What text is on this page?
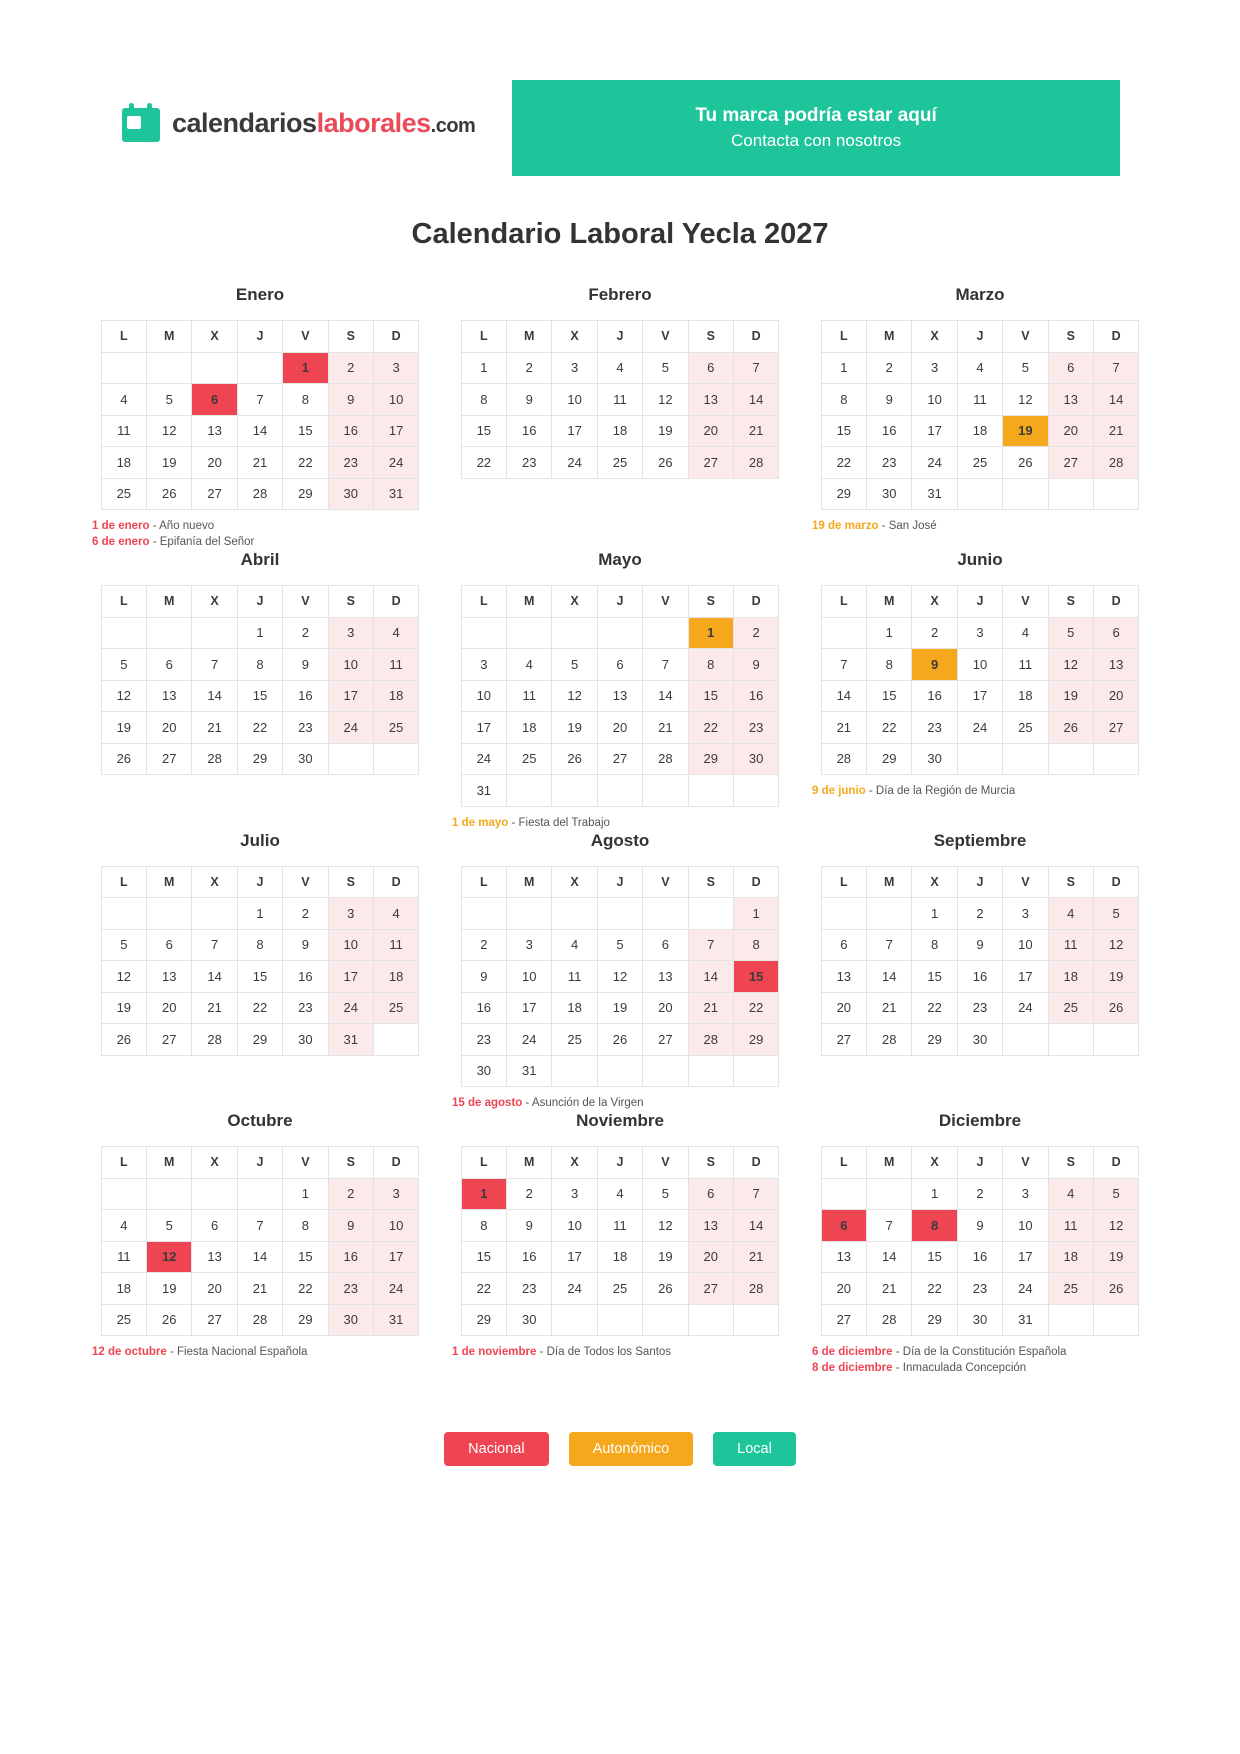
calendarioslaborales.com	Tu marca podría estar aquí
Contacta con nosotros
Calendario Laboral Yecla 2027
Enero
L	M	X	J	V	S	D
				1	2	3
4	5	6	7	8	9	10
11	12	13	14	15	16	17
18	19	20	21	22	23	24
25	26	27	28	29	30	31
1 de enero - Año nuevo
6 de enero - Epifanía del Señor
Febrero
L	M	X	J	V	S	D
1	2	3	4	5	6	7
8	9	10	11	12	13	14
15	16	17	18	19	20	21
22	23	24	25	26	27	28
Marzo
L	M	X	J	V	S	D
1	2	3	4	5	6	7
8	9	10	11	12	13	14
15	16	17	18	19	20	21
22	23	24	25	26	27	28
29	30	31				
19 de marzo - San José
Abril
L	M	X	J	V	S	D
			1	2	3	4
5	6	7	8	9	10	11
12	13	14	15	16	17	18
19	20	21	22	23	24	25
26	27	28	29	30		
Mayo
L	M	X	J	V	S	D
					1	2
3	4	5	6	7	8	9
10	11	12	13	14	15	16
17	18	19	20	21	22	23
24	25	26	27	28	29	30
31						
1 de mayo - Fiesta del Trabajo
Junio
L	M	X	J	V	S	D
	1	2	3	4	5	6
7	8	9	10	11	12	13
14	15	16	17	18	19	20
21	22	23	24	25	26	27
28	29	30				
9 de junio - Día de la Región de Murcia
Julio
L	M	X	J	V	S	D
			1	2	3	4
5	6	7	8	9	10	11
12	13	14	15	16	17	18
19	20	21	22	23	24	25
26	27	28	29	30	31	
Agosto
L	M	X	J	V	S	D
						1
2	3	4	5	6	7	8
9	10	11	12	13	14	15
16	17	18	19	20	21	22
23	24	25	26	27	28	29
30	31					
15 de agosto - Asunción de la Virgen
Septiembre
L	M	X	J	V	S	D
		1	2	3	4	5
6	7	8	9	10	11	12
13	14	15	16	17	18	19
20	21	22	23	24	25	26
27	28	29	30			
Octubre
L	M	X	J	V	S	D
				1	2	3
4	5	6	7	8	9	10
11	12	13	14	15	16	17
18	19	20	21	22	23	24
25	26	27	28	29	30	31
12 de octubre - Fiesta Nacional Española
Noviembre
L	M	X	J	V	S	D
1	2	3	4	5	6	7
8	9	10	11	12	13	14
15	16	17	18	19	20	21
22	23	24	25	26	27	28
29	30					
1 de noviembre - Día de Todos los Santos
Diciembre
L	M	X	J	V	S	D
		1	2	3	4	5
6	7	8	9	10	11	12
13	14	15	16	17	18	19
20	21	22	23	24	25	26
27	28	29	30	31		
6 de diciembre - Día de la Constitución Española
8 de diciembre - Inmaculada Concepción
Nacional	Autonómico	Local
